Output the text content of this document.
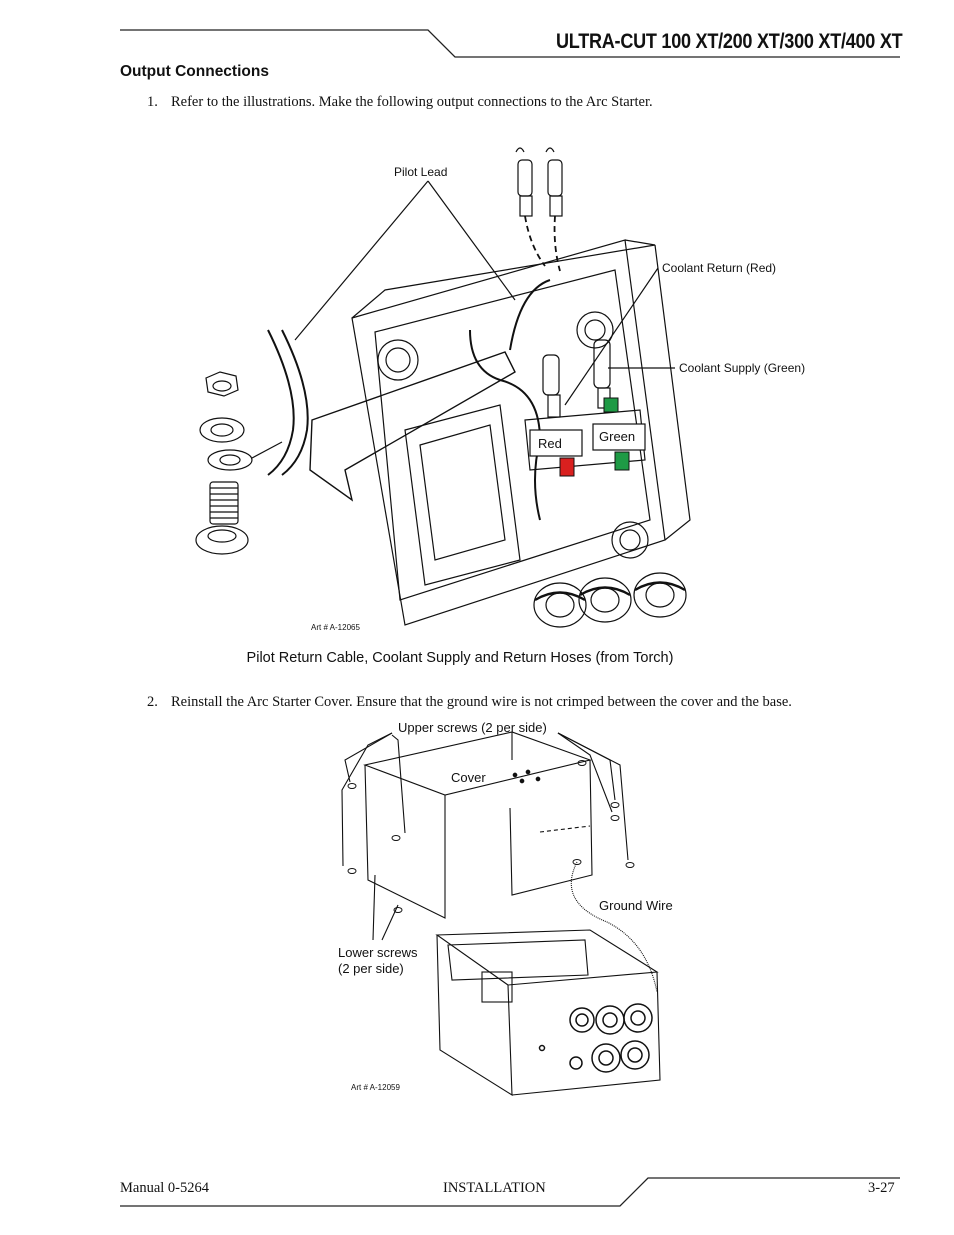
ULTRA-CUT 100 XT/200 XT/300 XT/400 XT
Output Connections
1. Refer to the illustrations. Make the following output connections to the Arc Starter.
Pilot Lead
Coolant Return (Red)
Coolant Supply (Green)
Red	Green
Art # A-12065
Pilot Return Cable, Coolant Supply and Return Hoses (from Torch)
2. Reinstall the Arc Starter Cover. Ensure that the ground wire is not crimped between the cover and the base.
Upper screws (2 per side)
Cover
Ground Wire
Lower screws
(2 per side)
Art # A-12059
Manual 0-5264	INSTALLATION	3-27
